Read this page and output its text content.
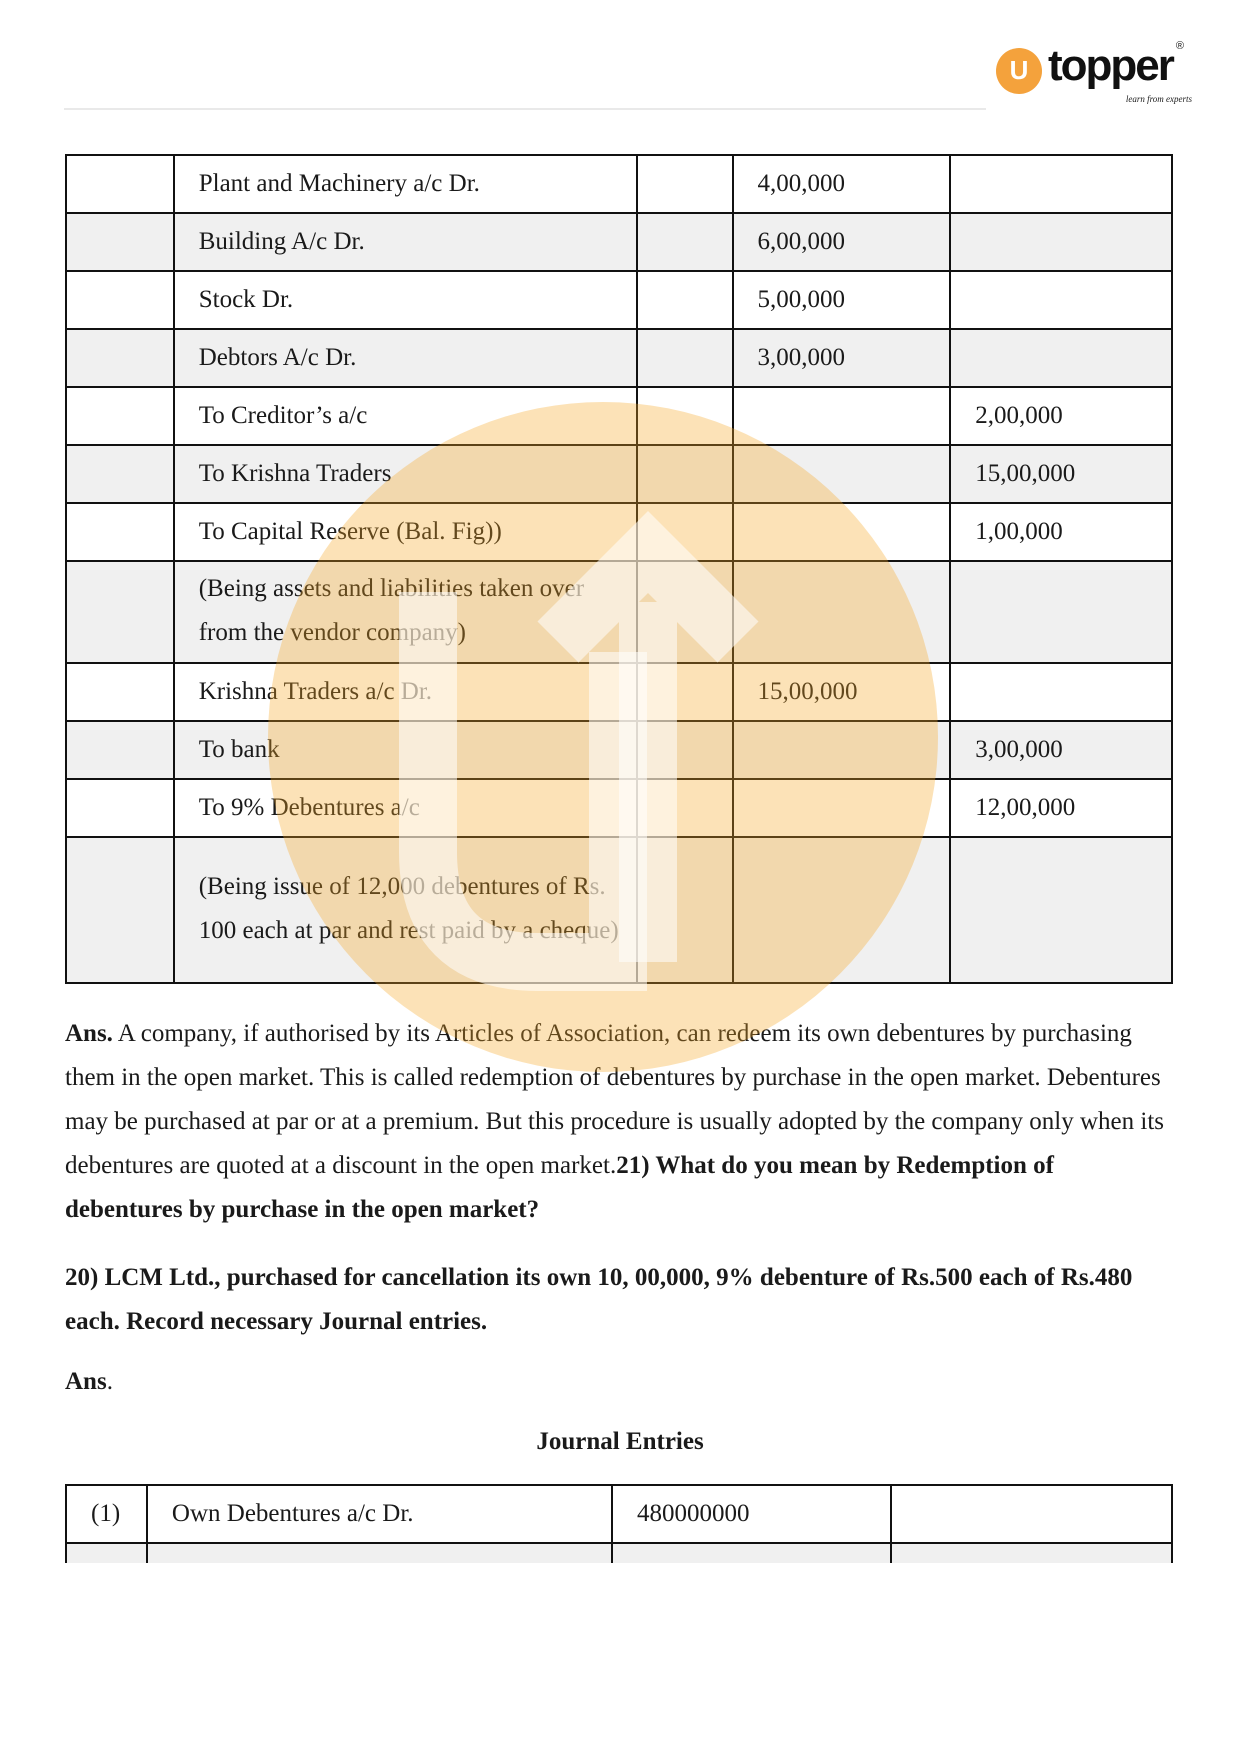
U topper ®
learn from experts
	Plant and Machinery a/c Dr.		4,00,000	
	Building A/c Dr.		6,00,000	
	Stock Dr.		5,00,000	
	Debtors A/c Dr.		3,00,000	
	To Creditor’s a/c			2,00,000
	To Krishna Traders			15,00,000
	To Capital Reserve (Bal. Fig))			1,00,000
	(Being assets and liabilities taken over from the vendor company)			
	Krishna Traders a/c Dr.		15,00,000	
	To bank			3,00,000
	To 9% Debentures a/c			12,00,000
	(Being issue of 12,000 debentures of Rs. 100 each at par and rest paid by a cheque)			
Ans. A company, if authorised by its Articles of Association, can redeem its own debentures by purchasing them in the open market. This is called redemption of debentures by purchase in the open market. Debentures may be purchased at par or at a premium. But this procedure is usually adopted by the company only when its debentures are quoted at a discount in the open market.21) What do you mean by Redemption of debentures by purchase in the open market?
20) LCM Ltd., purchased for cancellation its own 10, 00,000, 9% debenture of Rs.500 each of Rs.480 each. Record necessary Journal entries.
Ans.
Journal Entries
(1)	Own Debentures a/c Dr.	480000000	
